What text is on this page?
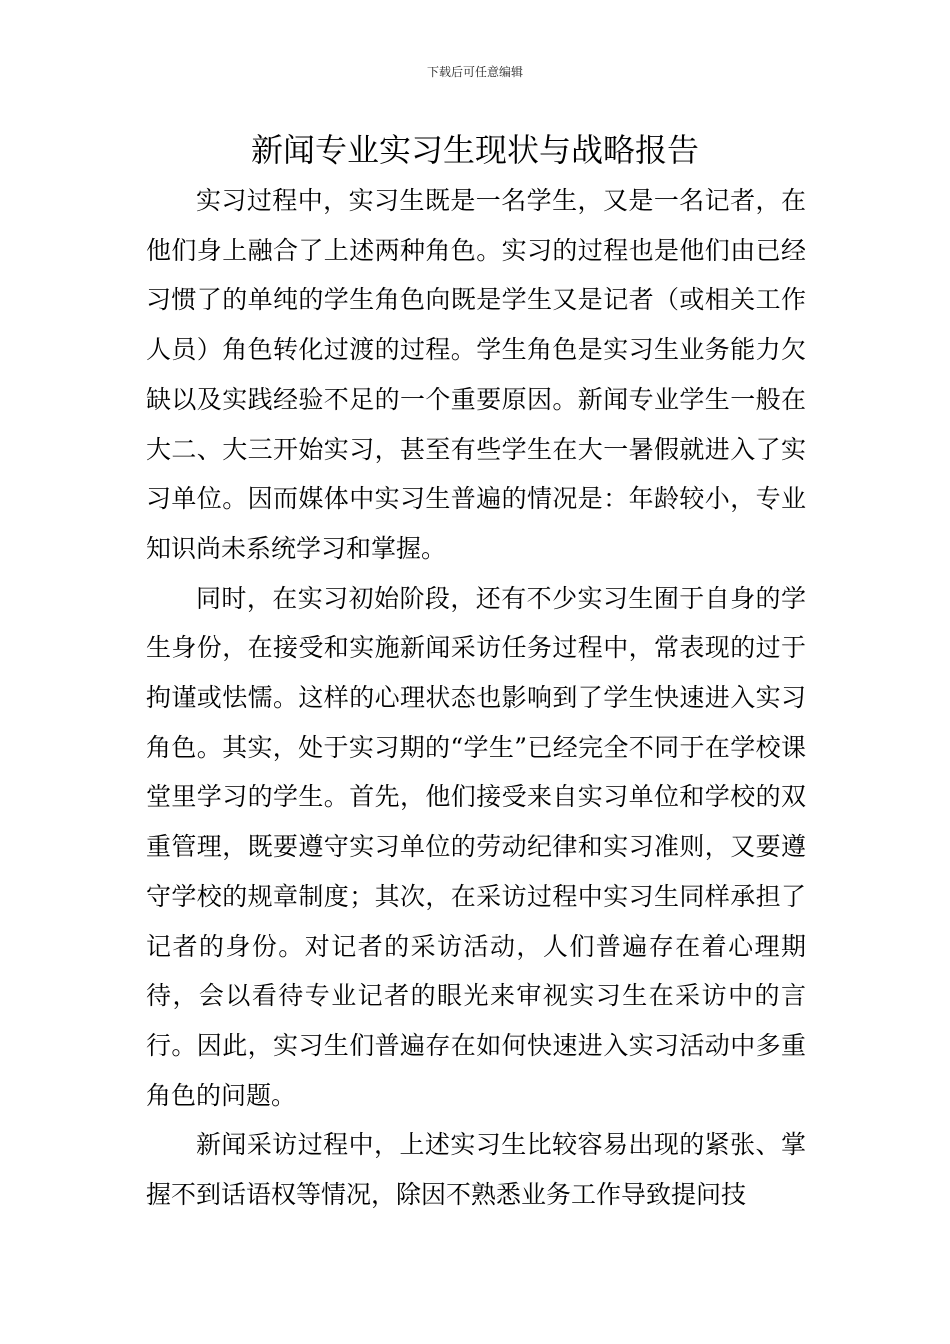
下载后可任意编辑
新闻专业实习生现状与战略报告

实习过程中，实习生既是一名学生，又是一名记者，在他们身上融合了上述两种角色。实习的过程也是他们由已经习惯了的单纯的学生角色向既是学生又是记者（或相关工作人员）角色转化过渡的过程。学生角色是实习生业务能力欠缺以及实践经验不足的一个重要原因。新闻专业学生一般在大二、大三开始实习，甚至有些学生在大一暑假就进入了实习单位。因而媒体中实习生普遍的情况是：年龄较小，专业知识尚未系统学习和掌握。

同时，在实习初始阶段，还有不少实习生囿于自身的学生身份，在接受和实施新闻采访任务过程中，常表现的过于拘谨或怯懦。这样的心理状态也影响到了学生快速进入实习角色。其实，处于实习期的“学生”已经完全不同于在学校课堂里学习的学生。首先，他们接受来自实习单位和学校的双重管理，既要遵守实习单位的劳动纪律和实习准则，又要遵守学校的规章制度；其次，在采访过程中实习生同样承担了记者的身份。对记者的采访活动，人们普遍存在着心理期待，会以看待专业记者的眼光来审视实习生在采访中的言行。因此，实习生们普遍存在如何快速进入实习活动中多重角色的问题。

新闻采访过程中，上述实习生比较容易出现的紧张、掌握不到话语权等情况，除因不熟悉业务工作导致提问技
